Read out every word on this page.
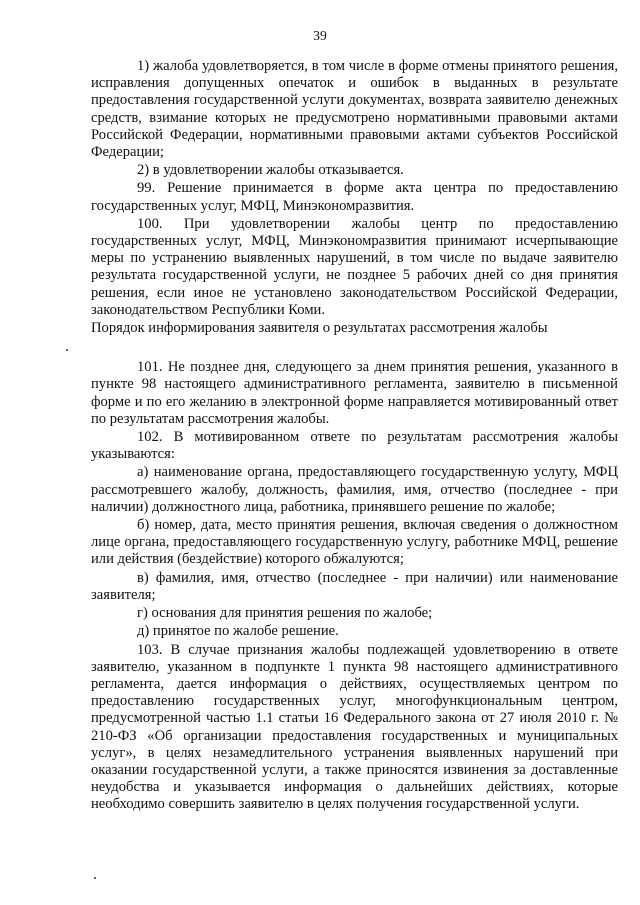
39

1) жалоба удовлетворяется, в том числе в форме отмены принятого решения, исправления допущенных опечаток и ошибок в выданных в результате предоставления государственной услуги документах, возврата заявителю денежных средств, взимание которых не предусмотрено нормативными правовыми актами Российской Федерации, нормативными правовыми актами субъектов Российской Федерации;

2) в удовлетворении жалобы отказывается.

99. Решение принимается в форме акта центра по предоставлению государственных услуг, МФЦ, Минэкономразвития.

100. При удовлетворении жалобы центр по предоставлению государственных услуг, МФЦ, Минэкономразвития принимают исчерпывающие меры по устранению выявленных нарушений, в том числе по выдаче заявителю результата государственной услуги, не позднее 5 рабочих дней со дня принятия решения, если иное не установлено законодательством Российской Федерации, законодательством Республики Коми.

Порядок информирования заявителя о результатах рассмотрения жалобы

101. Не позднее дня, следующего за днем принятия решения, указанного в пункте 98 настоящего административного регламента, заявителю в письменной форме и по его желанию в электронной форме направляется мотивированный ответ по результатам рассмотрения жалобы.

102. В мотивированном ответе по результатам рассмотрения жалобы указываются:

а) наименование органа, предоставляющего государственную услугу, МФЦ рассмотревшего жалобу, должность, фамилия, имя, отчество (последнее - при наличии) должностного лица, работника, принявшего решение по жалобе;

б) номер, дата, место принятия решения, включая сведения о должностном лице органа, предоставляющего государственную услугу, работнике МФЦ, решение или действия (бездействие) которого обжалуются;

в) фамилия, имя, отчество (последнее - при наличии) или наименование заявителя;

г) основания для принятия решения по жалобе;

д) принятое по жалобе решение.

103. В случае признания жалобы подлежащей удовлетворению в ответе заявителю, указанном в подпункте 1 пункта 98 настоящего административного регламента, дается информация о действиях, осуществляемых центром по предоставлению государственных услуг, многофункциональным центром, предусмотренной частью 1.1 статьи 16 Федерального закона от 27 июля 2010 г. № 210-ФЗ «Об организации предоставления государственных и муниципальных услуг», в целях незамедлительного устранения выявленных нарушений при оказании государственной услуги, а также приносятся извинения за доставленные неудобства и указывается информация о дальнейших действиях, которые необходимо совершить заявителю в целях получения государственной услуги.
